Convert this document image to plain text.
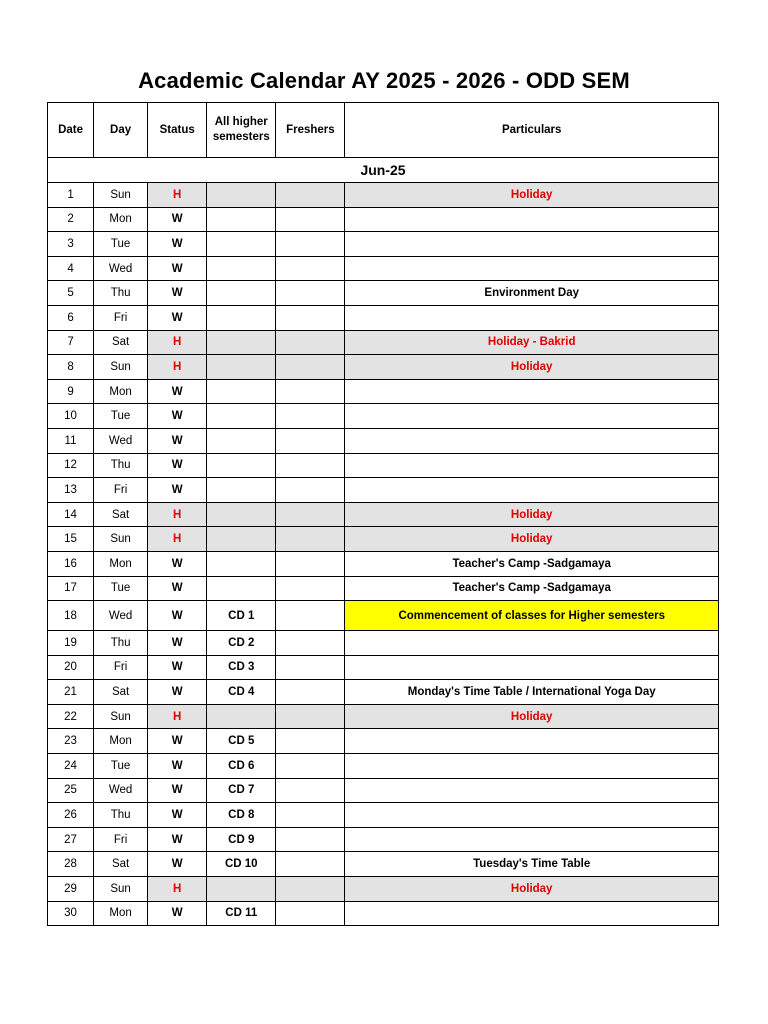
Academic Calendar AY 2025 - 2026 - ODD SEM
Date	Day	Status	All higher semesters	Freshers	Particulars
Jun-25					
1	Sun	H			Holiday
2	Mon	W			
3	Tue	W			
4	Wed	W			
5	Thu	W			Environment Day
6	Fri	W			
7	Sat	H			Holiday - Bakrid
8	Sun	H			Holiday
9	Mon	W			
10	Tue	W			
11	Wed	W			
12	Thu	W			
13	Fri	W			
14	Sat	H			Holiday
15	Sun	H			Holiday
16	Mon	W			Teacher's Camp -Sadgamaya
17	Tue	W			Teacher's Camp -Sadgamaya
18	Wed	W	CD 1		Commencement of classes for Higher semesters
19	Thu	W	CD 2		
20	Fri	W	CD 3		
21	Sat	W	CD 4		Monday's Time Table / International Yoga Day
22	Sun	H			Holiday
23	Mon	W	CD 5		
24	Tue	W	CD 6		
25	Wed	W	CD 7		
26	Thu	W	CD 8		
27	Fri	W	CD 9		
28	Sat	W	CD 10		Tuesday's Time Table
29	Sun	H			Holiday
30	Mon	W	CD 11		
